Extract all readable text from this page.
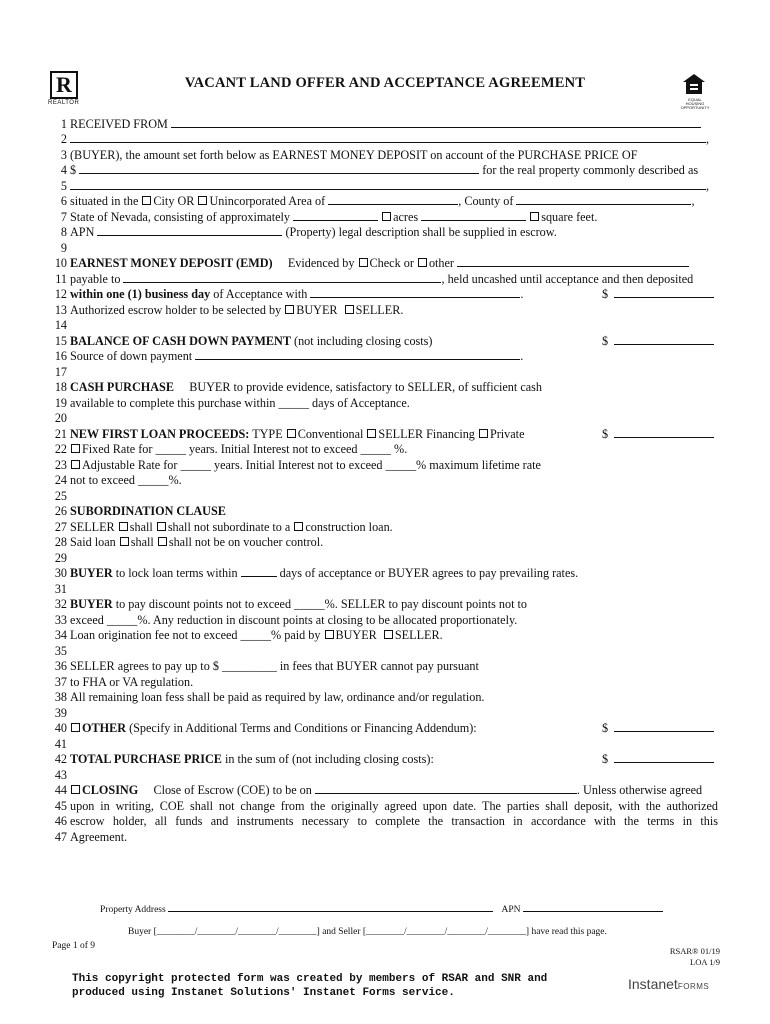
R
REALTOR
EQUAL HOUSING OPPORTUNITY
VACANT LAND OFFER AND ACCEPTANCE AGREEMENT
1 RECEIVED FROM
2	,
3 (BUYER), the amount set forth below as EARNEST MONEY DEPOSIT on account of the PURCHASE PRICE OF
4 $	for the real property commonly described as
5	,
6 situated in the City OR Unincorporated Area of	, County of	,
7 State of Nevada, consisting of approximately	acres	square feet.
8 APN	(Property) legal description shall be supplied in escrow.
9
10 EARNEST MONEY DEPOSIT (EMD) Evidenced by Check or other
11 payable to	, held uncashed until acceptance and then deposited
12 within one (1) business day of Acceptance with	.	$
13 Authorized escrow holder to be selected by BUYER SELLER.
14
15 BALANCE OF CASH DOWN PAYMENT (not including closing costs)	$
16 Source of down payment	.
17
18 CASH PURCHASE BUYER to provide evidence, satisfactory to SELLER, of sufficient cash
19 available to complete this purchase within _____ days of Acceptance.
20
21 NEW FIRST LOAN PROCEEDS: TYPE Conventional SELLER Financing Private	$
22	Fixed Rate for _____ years. Initial Interest not to exceed _____ %.
23	Adjustable Rate for _____ years. Initial Interest not to exceed _____% maximum lifetime rate
24 not to exceed _____%.
25
26 SUBORDINATION CLAUSE
27 SELLER shall shall not subordinate to a construction loan.
28 Said loan shall shall not be on voucher control.
29
30 BUYER to lock loan terms within	days of acceptance or BUYER agrees to pay prevailing rates.
31
32 BUYER to pay discount points not to exceed _____%. SELLER to pay discount points not to
33 exceed _____%. Any reduction in discount points at closing to be allocated proportionately.
34 Loan origination fee not to exceed _____% paid by BUYER SELLER.
35
36 SELLER agrees to pay up to $ _________ in fees that BUYER cannot pay pursuant
37 to FHA or VA regulation.
38 All remaining loan fess shall be paid as required by law, ordinance and/or regulation.
39
40	OTHER (Specify in Additional Terms and Conditions or Financing Addendum):	$
41
42 TOTAL PURCHASE PRICE in the sum of (not including closing costs):	$
43
44	CLOSING Close of Escrow (COE) to be on	. Unless otherwise agreed
45 upon in writing, COE shall not change from the originally agreed upon date. The parties shall deposit, with the authorized
46 escrow holder, all funds and instruments necessary to complete the transaction in accordance with the terms in this
47 Agreement.
Property Address	APN
Buyer [________/________/________/________] and Seller [________/________/________/________] have read this page.
Page 1 of 9	RSAR® 01/19
LOA 1/9
This copyright protected form was created by members of RSAR and SNR and
produced using Instanet Solutions' Instanet Forms service.
InstanetFORMS
